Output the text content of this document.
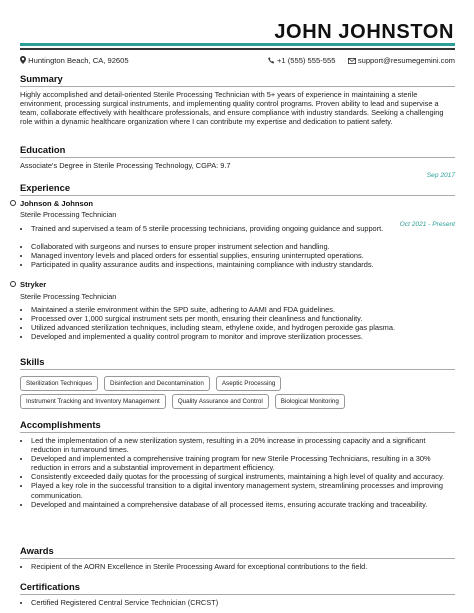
JOHN JOHNSTON
Huntington Beach, CA, 92605	+1 (555) 555-555	support@resumegemini.com
Summary
Highly accomplished and detail-oriented Sterile Processing Technician with 5+ years of experience in maintaining a sterile environment, processing surgical instruments, and implementing quality control programs. Proven ability to lead and supervise a team, collaborate effectively with healthcare professionals, and ensure compliance with industry standards. Seeking a challenging role within a dynamic healthcare organization where I can contribute my expertise and dedication to patient safety.
Education
Associate's Degree in Sterile Processing Technology, CGPA: 9.7
Sep 2017
Experience
Johnson & Johnson
Sterile Processing Technician
Oct 2021 - Present
• Trained and supervised a team of 5 sterile processing technicians, providing ongoing guidance and support.
• Collaborated with surgeons and nurses to ensure proper instrument selection and handling.
• Managed inventory levels and placed orders for essential supplies, ensuring uninterrupted operations.
• Participated in quality assurance audits and inspections, maintaining compliance with industry standards.
Stryker
Sterile Processing Technician
• Maintained a sterile environment within the SPD suite, adhering to AAMI and FDA guidelines.
• Processed over 1,000 surgical instrument sets per month, ensuring their cleanliness and functionality.
• Utilized advanced sterilization techniques, including steam, ethylene oxide, and hydrogen peroxide gas plasma.
• Developed and implemented a quality control program to monitor and improve sterilization processes.
Skills
Sterilization Techniques	Disinfection and Decontamination	Aseptic Processing
Instrument Tracking and Inventory Management	Quality Assurance and Control	Biological Monitoring
Accomplishments
• Led the implementation of a new sterilization system, resulting in a 20% increase in processing capacity and a significant reduction in turnaround times.
• Developed and implemented a comprehensive training program for new Sterile Processing Technicians, resulting in a 30% reduction in errors and a substantial improvement in department efficiency.
• Consistently exceeded daily quotas for the processing of surgical instruments, maintaining a high level of quality and accuracy.
• Played a key role in the successful transition to a digital inventory management system, streamlining processes and improving communication.
• Developed and maintained a comprehensive database of all processed items, ensuring accurate tracking and traceability.
Awards
• Recipient of the AORN Excellence in Sterile Processing Award for exceptional contributions to the field.
Certifications
• Certified Registered Central Service Technician (CRCST)
